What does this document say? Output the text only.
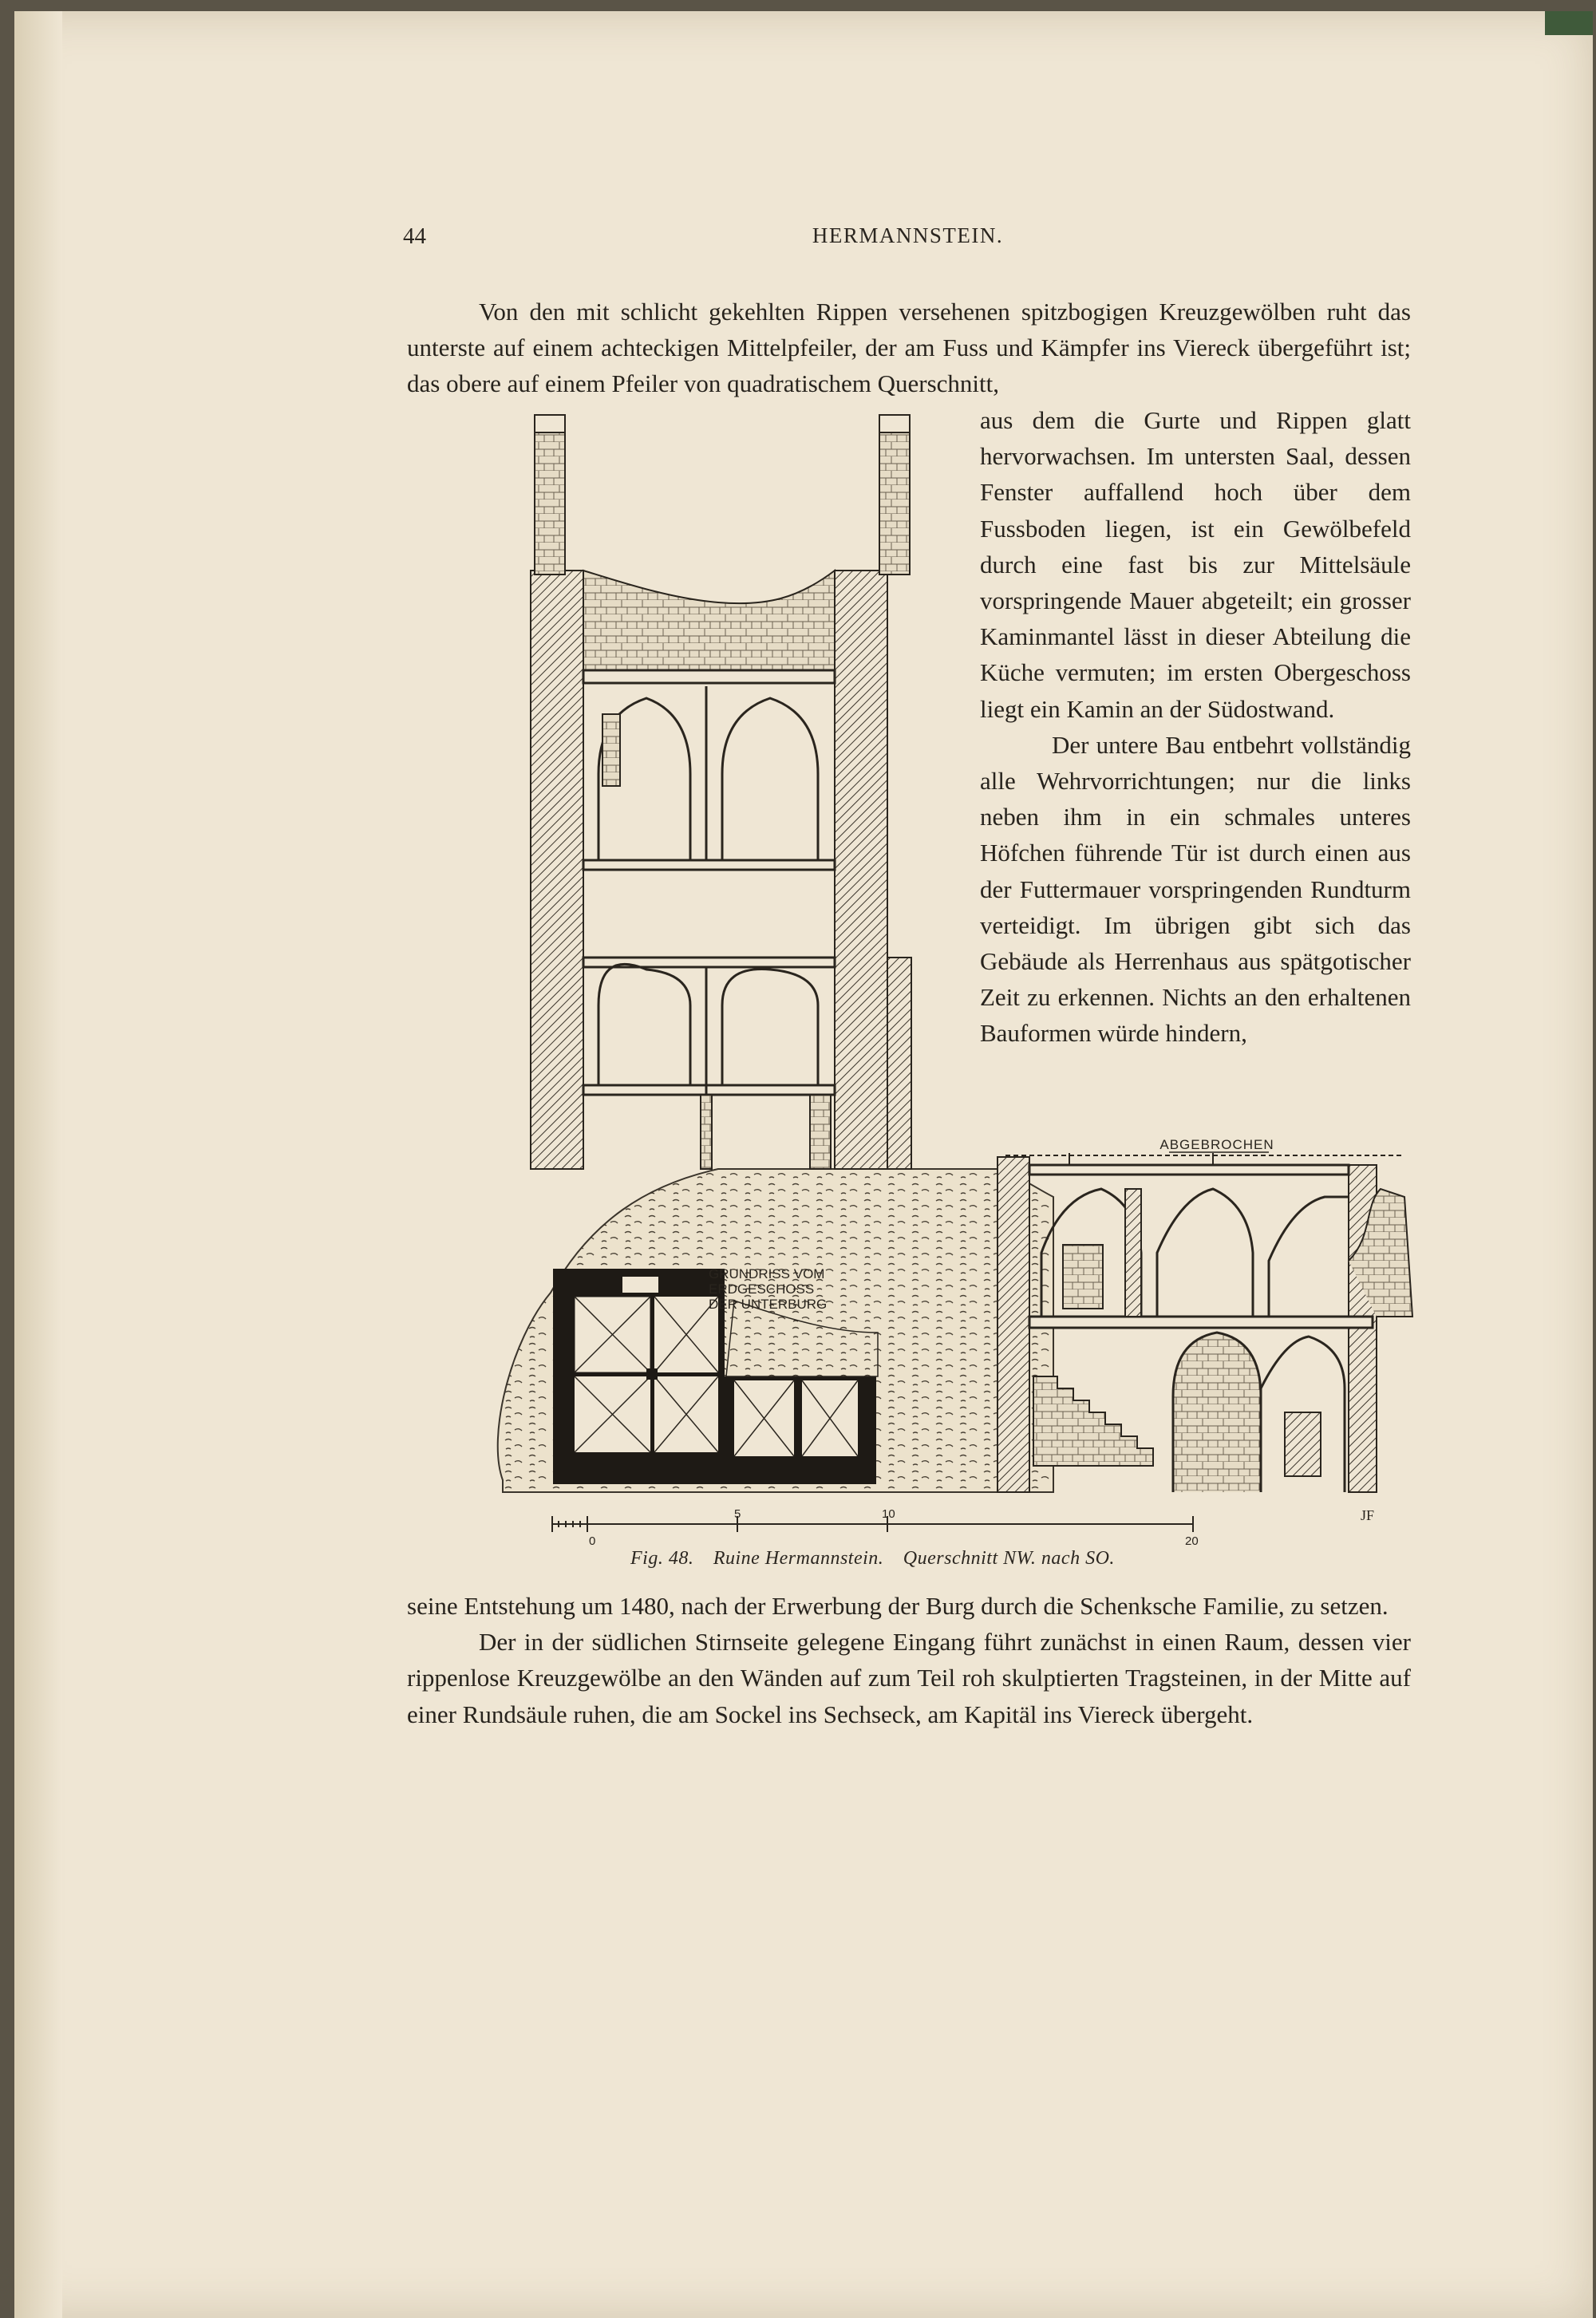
44	HERMANNSTEIN.

Von den mit schlicht gekehlten Rippen versehenen spitzbogigen Kreuzgewölben ruht das unterste auf einem achteckigen Mittelpfeiler, der am Fuss und Kämpfer ins Viereck übergeführt ist; das obere auf einem Pfeiler von quadratischem Querschnitt,

aus dem die Gurte und Rippen glatt hervorwachsen. Im untersten Saal, dessen Fenster auffallend hoch über dem Fussboden liegen, ist ein Gewölbefeld durch eine fast bis zur Mittelsäule vorspringende Mauer abgeteilt; ein grosser Kaminmantel lässt in dieser Abteilung die Küche vermuten; im ersten Obergeschoss liegt ein Kamin an der Südostwand.

Der untere Bau entbehrt vollständig alle Wehrvorrichtungen; nur die links neben ihm in ein schmales unteres Höfchen führende Tür ist durch einen aus der Futtermauer vorspringenden Rundturm verteidigt. Im übrigen gibt sich das Gebäude als Herrenhaus aus spätgotischer Zeit zu erkennen. Nichts an den erhaltenen Bauformen würde hindern,

ABGEBROCHEN
GRUNDRISS VOM
ERDGESCHOSS
DER UNTERBURG
0
5	10
20
JF
Fig. 48. Ruine Hermannstein. Querschnitt NW. nach SO.

seine Entstehung um 1480, nach der Erwerbung der Burg durch die Schenksche Familie, zu setzen.

Der in der südlichen Stirnseite gelegene Eingang führt zunächst in einen Raum, dessen vier rippenlose Kreuzgewölbe an den Wänden auf zum Teil roh skulptierten Tragsteinen, in der Mitte auf einer Rundsäule ruhen, die am Sockel ins Sechseck, am Kapitäl ins Viereck übergeht.
